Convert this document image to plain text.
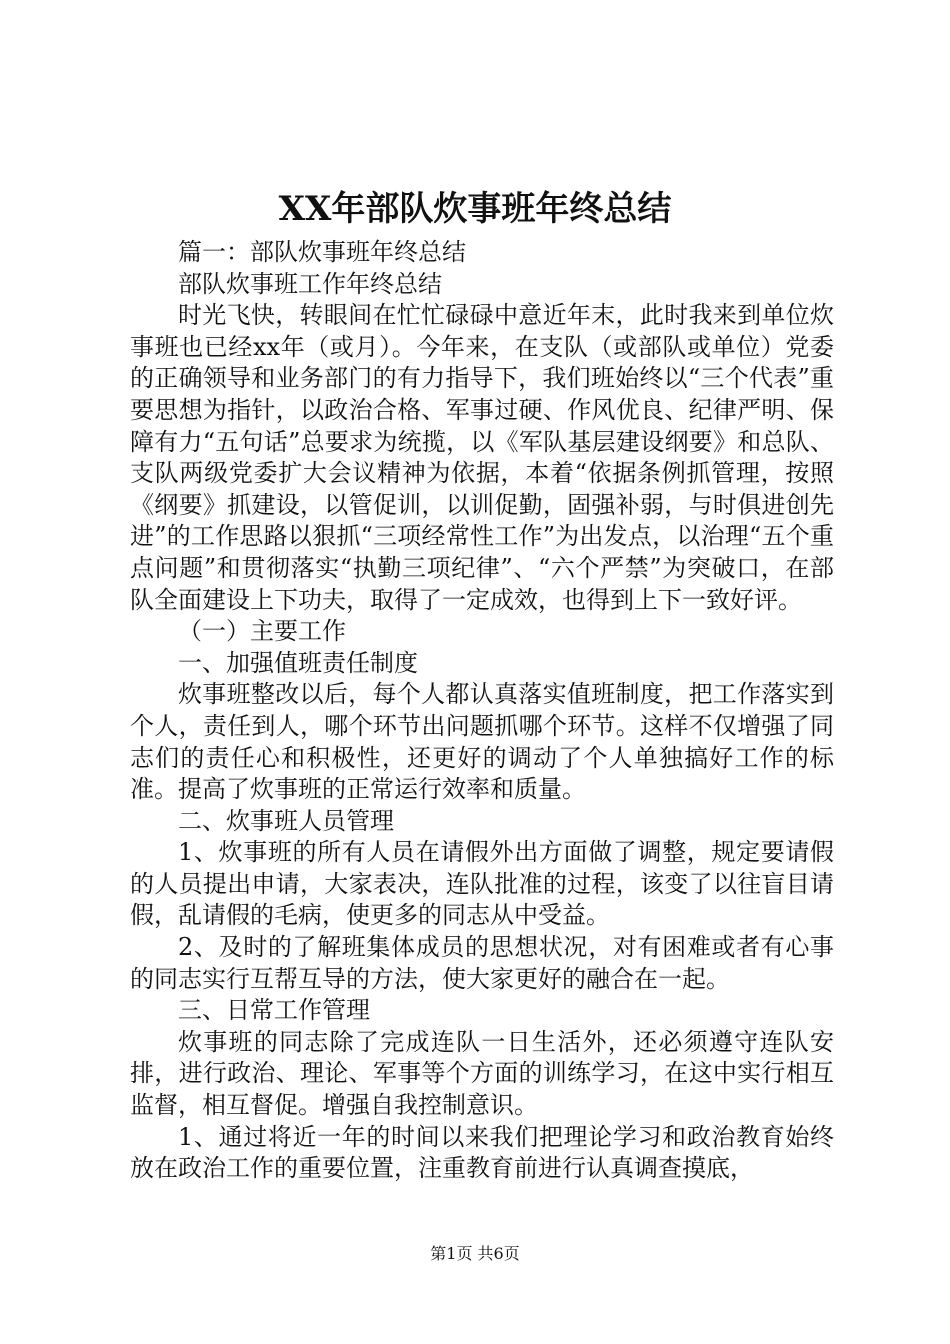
XX年部队炊事班年终总结

篇一：部队炊事班年终总结

部队炊事班工作年终总结

时光飞快，转眼间在忙忙碌碌中意近年末，此时我来到单位炊事班也已经xx年（或月）。今年来，在支队（或部队或单位）党委的正确领导和业务部门的有力指导下，我们班始终以“三个代表”重要思想为指针，以政治合格、军事过硬、作风优良、纪律严明、保障有力“五句话”总要求为统揽，以《军队基层建设纲要》和总队、支队两级党委扩大会议精神为依据，本着“依据条例抓管理，按照《纲要》抓建设，以管促训，以训促勤，固强补弱，与时俱进创先进”的工作思路以狠抓“三项经常性工作”为出发点，以治理“五个重点问题”和贯彻落实“执勤三项纪律”、“六个严禁”为突破口，在部队全面建设上下功夫，取得了一定成效，也得到上下一致好评。

（一）主要工作

一、加强值班责任制度

炊事班整改以后，每个人都认真落实值班制度，把工作落实到个人，责任到人，哪个环节出问题抓哪个环节。这样不仅增强了同志们的责任心和积极性，还更好的调动了个人单独搞好工作的标准。提高了炊事班的正常运行效率和质量。

二、炊事班人员管理

1、炊事班的所有人员在请假外出方面做了调整，规定要请假的人员提出申请，大家表决，连队批准的过程，该变了以往盲目请假，乱请假的毛病，使更多的同志从中受益。

2、及时的了解班集体成员的思想状况，对有困难或者有心事的同志实行互帮互导的方法，使大家更好的融合在一起。

三、日常工作管理

炊事班的同志除了完成连队一日生活外，还必须遵守连队安排，进行政治、理论、军事等个方面的训练学习，在这中实行相互监督，相互督促。增强自我控制意识。

1、通过将近一年的时间以来我们把理论学习和政治教育始终放在政治工作的重要位置，注重教育前进行认真调查摸底，

第1页 共6页
